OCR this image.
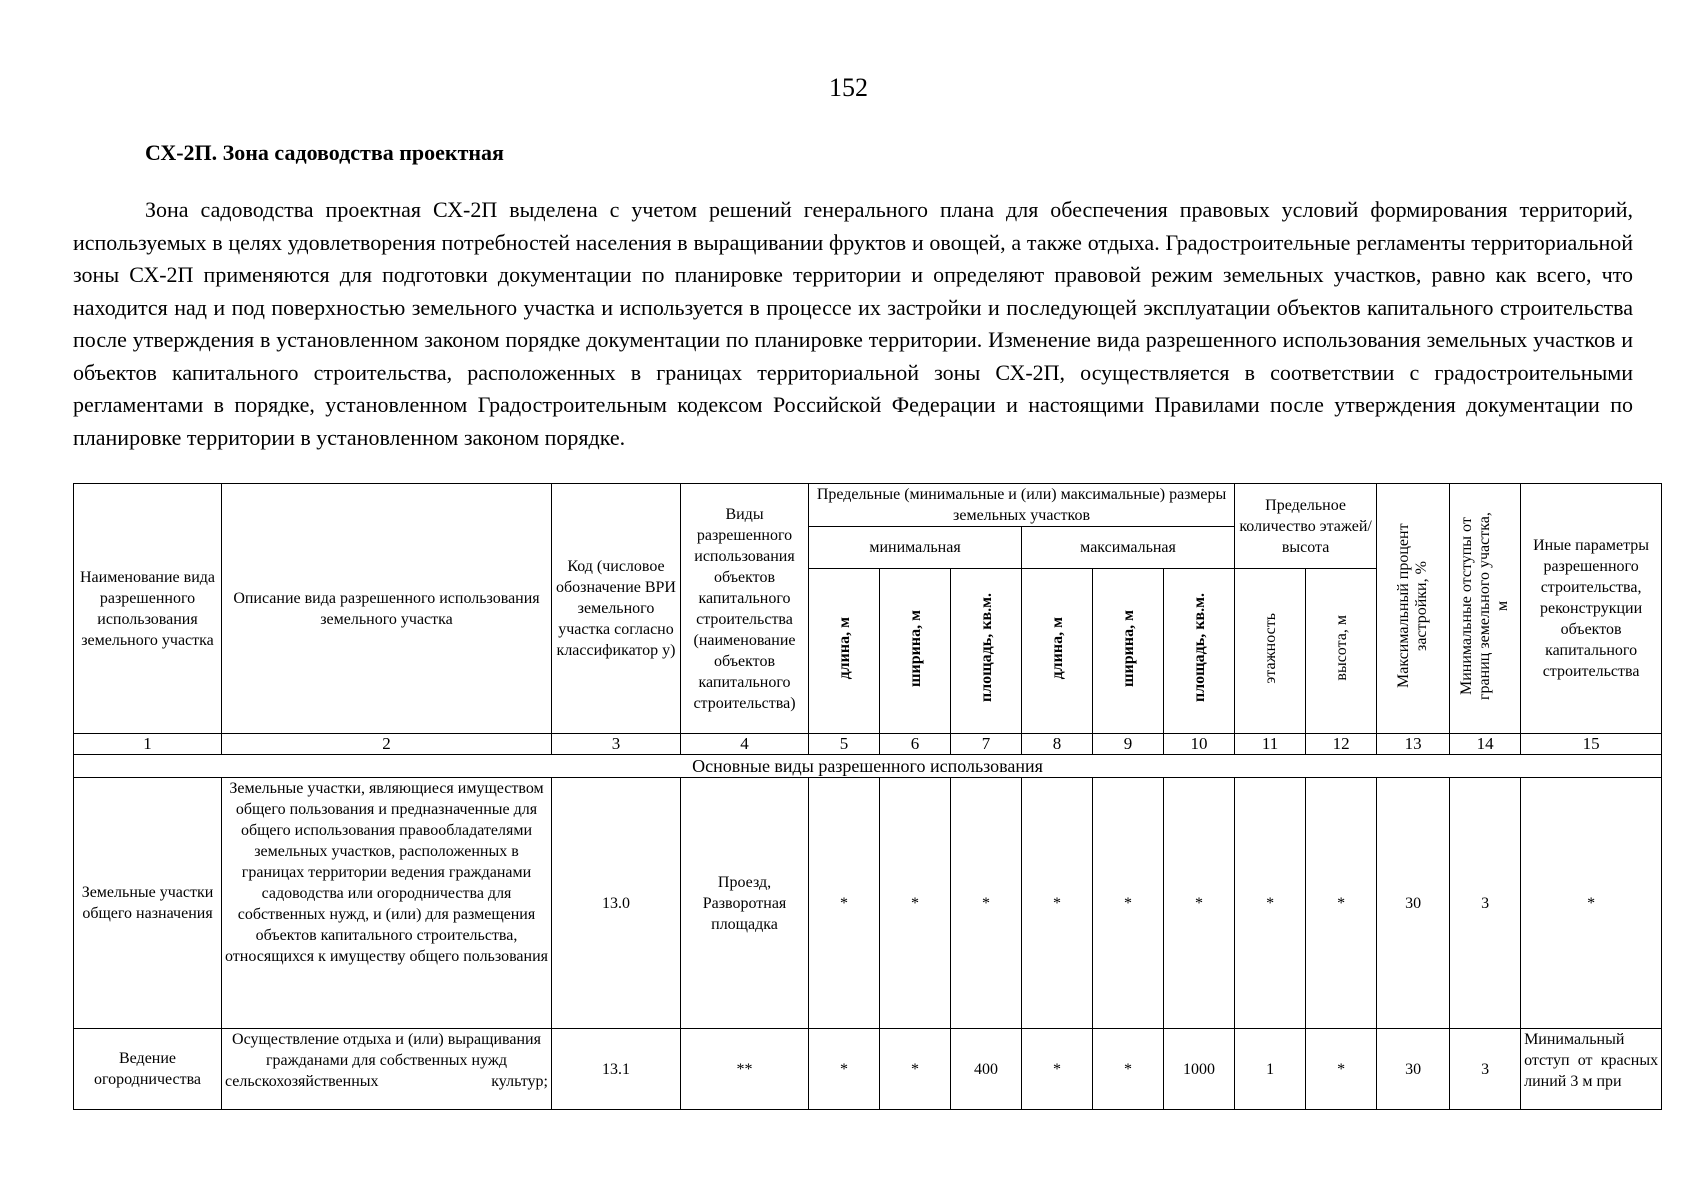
152
СХ-2П. Зона садоводства проектная

Зона садоводства проектная СХ-2П выделена с учетом решений генерального плана для обеспечения правовых условий формирования территорий, используемых в целях удовлетворения потребностей населения в выращивании фруктов и овощей, а также отдыха. Градостроительные регламенты территориальной зоны СХ-2П применяются для подготовки документации по планировке территории и определяют правовой режим земельных участков, равно как всего, что находится над и под поверхностью земельного участка и используется в процессе их застройки и последующей эксплуатации объектов капитального строительства после утверждения в установленном законом порядке документации по планировке территории. Изменение вида разрешенного использования земельных участков и объектов капитального строительства, расположенных в границах территориальной зоны СХ-2П, осуществляется в соответствии с градостроительными регламентами в порядке, установленном Градостроительным кодексом Российской Федерации и настоящими Правилами после утверждения документации по планировке территории в установленном законом порядке.

Наименование вида разрешенного использования земельного участка	Описание вида разрешенного использования земельного участка	Код (числовое обозначение ВРИ земельного участка согласно классификатор у)	Виды разрешенного использования объектов капитального строительства (наименование объектов капитального строительства)	Предельные (минимальные и (или) максимальные) размеры земельных участков						Предельное количество этажей/ высота		Максимальный процент застройки, %	Минимальные отступы от границ земельного участка, м	Иные параметры разрешенного строительства, реконструкции объектов капитального строительства
				минимальная			максимальная							
				длина, м	ширина, м	площадь, кв.м.	длина, м	ширина, м	площадь, кв.м.	этажность	высота, м			
1	2	3	4	5	6	7	8	9	10	11	12	13	14	15
Основные виды разрешенного использования														
Земельные участки общего назначения	Земельные участки, являющиеся имуществом общего пользования и предназначенные для общего использования правообладателями земельных участков, расположенных в границах территории ведения гражданами садоводства или огородничества для собственных нужд, и (или) для размещения объектов капитального строительства, относящихся к имуществу общего пользования	13.0	Проезд, Разворотная площадка	*	*	*	*	*	*	*	*	30	3	*
Ведение огородничества	Осуществление отдыха и (или) выращивания гражданами для собственных нужд сельскохозяйственных культур;	13.1	**	*	*	400	*	*	1000	1	*	30	3	Минимальный отступ от красных линий 3 м при
